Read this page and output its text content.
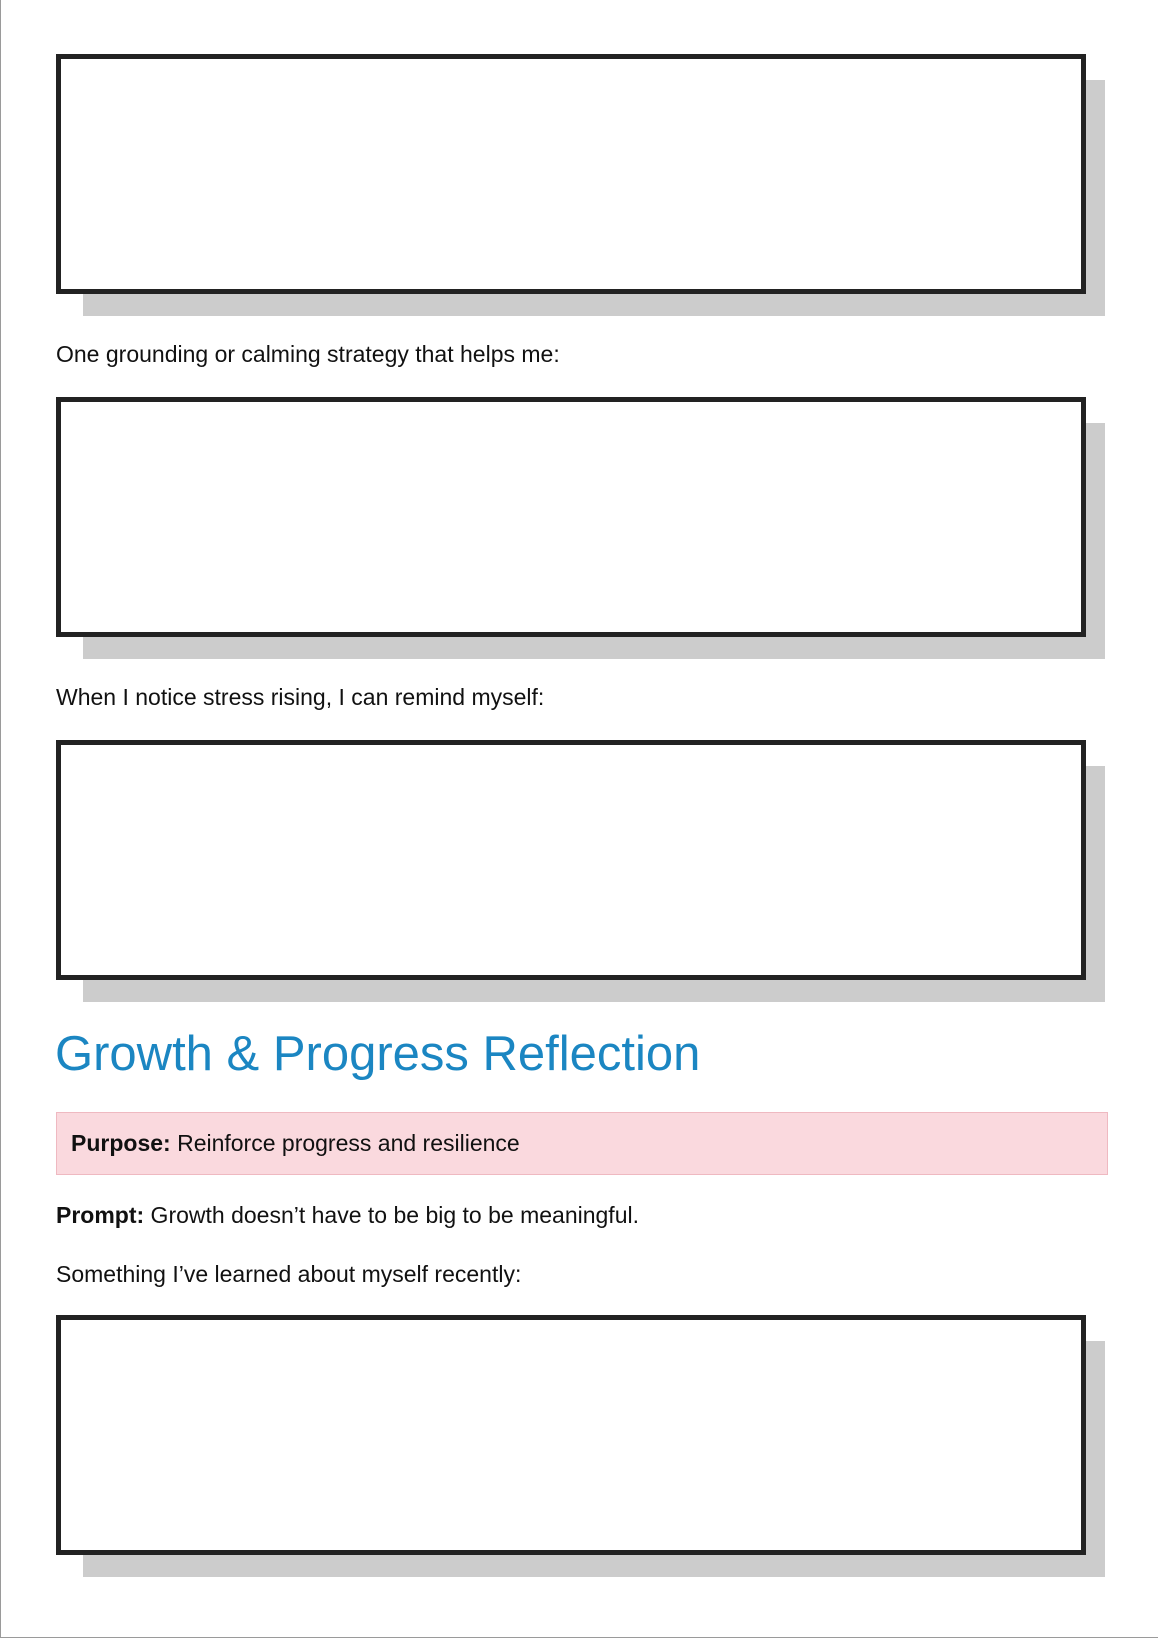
One grounding or calming strategy that helps me:
When I notice stress rising, I can remind myself:
Growth & Progress Reflection
Purpose: Reinforce progress and resilience
Prompt: Growth doesn’t have to be big to be meaningful.
Something I’ve learned about myself recently:
